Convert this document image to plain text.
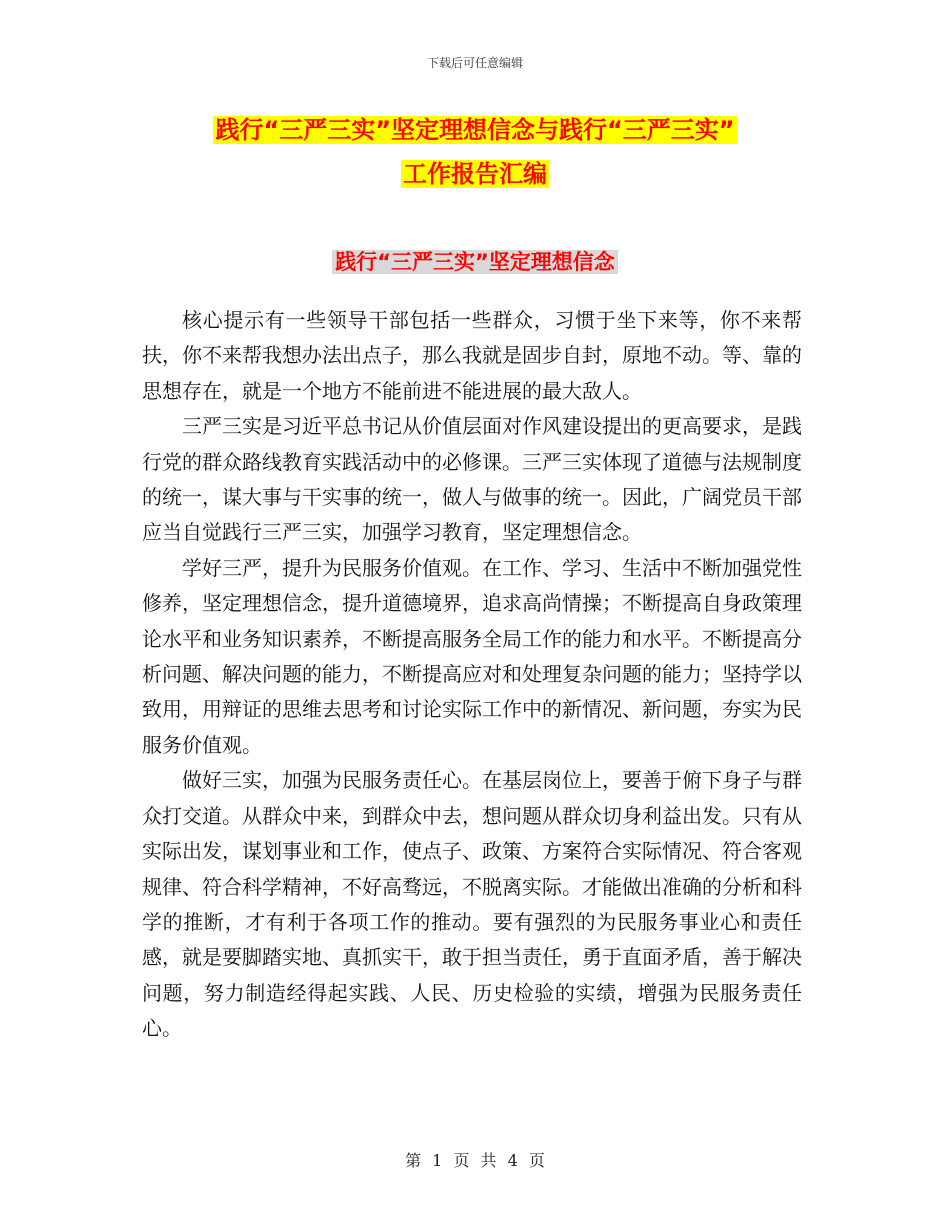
下载后可任意编辑
践行“三严三实”坚定理想信念与践行“三严三实”
工作报告汇编
践行“三严三实”坚定理想信念

核心提示有一些领导干部包括一些群众，习惯于坐下来等，你不来帮扶，你不来帮我想办法出点子，那么我就是固步自封，原地不动。等、靠的思想存在，就是一个地方不能前进不能进展的最大敌人。

三严三实是习近平总书记从价值层面对作风建设提出的更高要求，是践行党的群众路线教育实践活动中的必修课。三严三实体现了道德与法规制度的统一，谋大事与干实事的统一，做人与做事的统一。因此，广阔党员干部应当自觉践行三严三实，加强学习教育，坚定理想信念。

学好三严，提升为民服务价值观。在工作、学习、生活中不断加强党性修养，坚定理想信念，提升道德境界，追求高尚情操；不断提高自身政策理论水平和业务知识素养，不断提高服务全局工作的能力和水平。不断提高分析问题、解决问题的能力，不断提高应对和处理复杂问题的能力；坚持学以致用，用辩证的思维去思考和讨论实际工作中的新情况、新问题，夯实为民服务价值观。

做好三实，加强为民服务责任心。在基层岗位上，要善于俯下身子与群众打交道。从群众中来，到群众中去，想问题从群众切身利益出发。只有从实际出发，谋划事业和工作，使点子、政策、方案符合实际情况、符合客观规律、符合科学精神，不好高骛远，不脱离实际。才能做出准确的分析和科学的推断，才有利于各项工作的推动。要有强烈的为民服务事业心和责任感，就是要脚踏实地、真抓实干，敢于担当责任，勇于直面矛盾，善于解决问题，努力制造经得起实践、人民、历史检验的实绩，增强为民服务责任心。

第 1 页 共 4 页
